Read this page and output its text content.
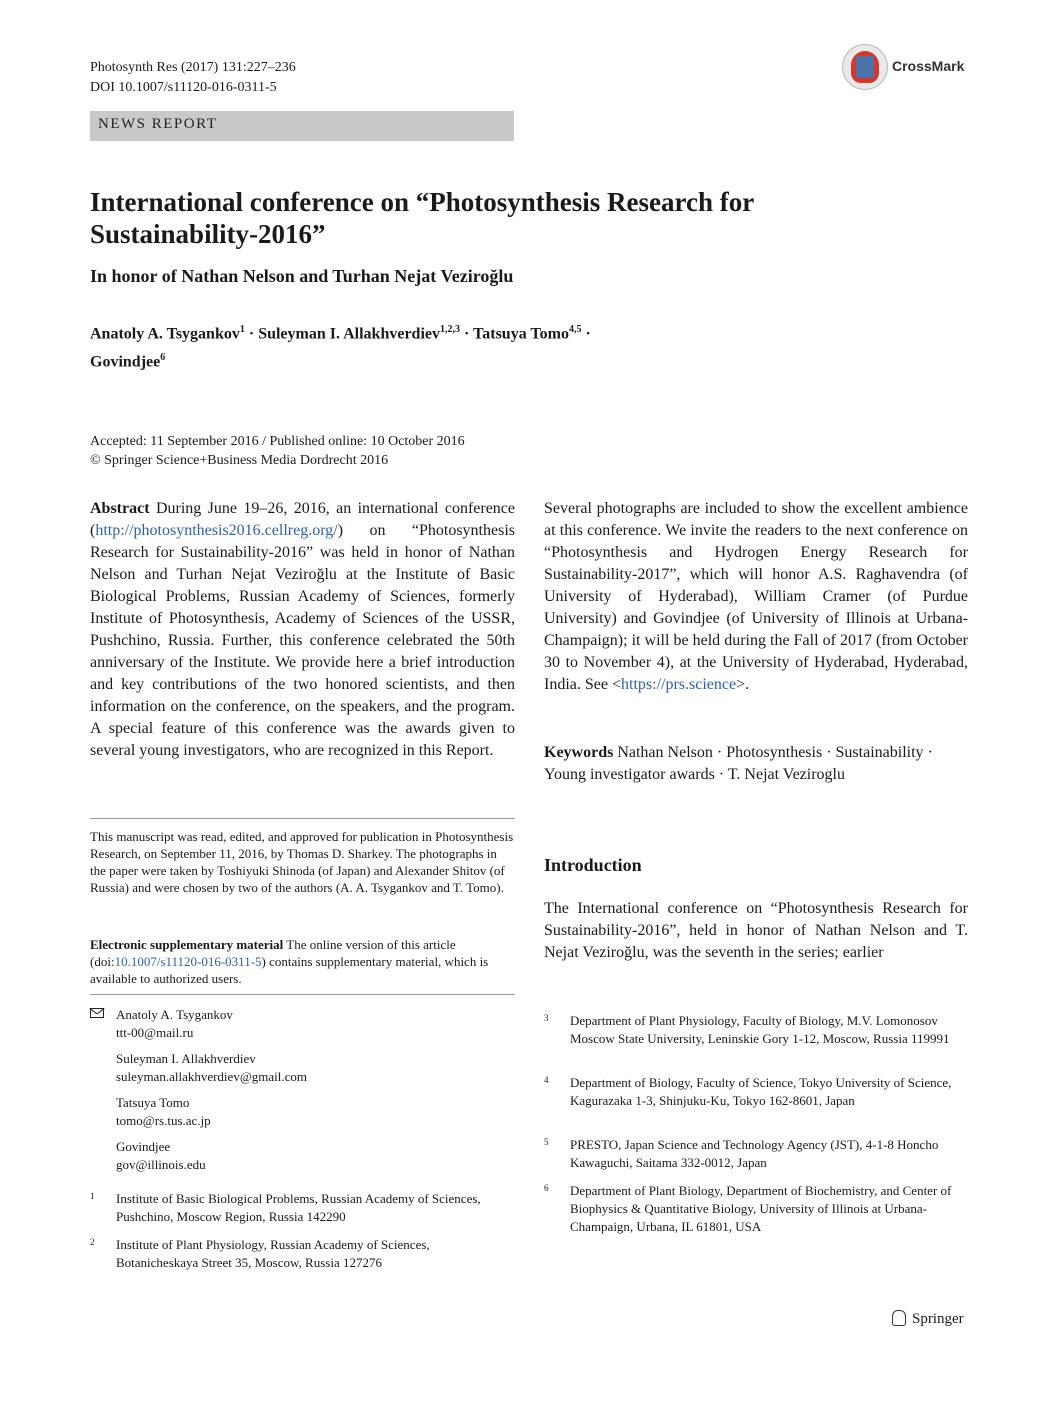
Photosynth Res (2017) 131:227–236
DOI 10.1007/s11120-016-0311-5
NEWS REPORT
CrossMark
International conference on “Photosynthesis Research for Sustainability-2016”
In honor of Nathan Nelson and Turhan Nejat Veziroğlu
Anatoly A. Tsygankov$^1$ · Suleyman I. Allakhverdiev$^{1,2,3}$ · Tatsuya Tomo$^{4,5}$ ·
Govindjee$^6$
Accepted: 11 September 2016 / Published online: 10 October 2016
© Springer Science+Business Media Dordrecht 2016
Abstract During June 19–26, 2016, an international conference (http://photosynthesis2016.cellreg.org/) on “Photosynthesis Research for Sustainability-2016” was held in honor of Nathan Nelson and Turhan Nejat Veziroğlu at the Institute of Basic Biological Problems, Russian Academy of Sciences, formerly Institute of Photosynthesis, Academy of Sciences of the USSR, Pushchino, Russia. Further, this conference celebrated the 50th anniversary of the Institute. We provide here a brief introduction and key contributions of the two honored scientists, and then information on the conference, on the speakers, and the program. A special feature of this conference was the awards given to several young investigators, who are recognized in this Report.
Several photographs are included to show the excellent ambience at this conference. We invite the readers to the next conference on “Photosynthesis and Hydrogen Energy Research for Sustainability-2017”, which will honor A.S. Raghavendra (of University of Hyderabad), William Cramer (of Purdue University) and Govindjee (of University of Illinois at Urbana-Champaign); it will be held during the Fall of 2017 (from October 30 to November 4), at the University of Hyderabad, Hyderabad, India. See <https://prs.science>.
Keywords Nathan Nelson · Photosynthesis · Sustainability · Young investigator awards · T. Nejat Veziroglu
Introduction
The International conference on “Photosynthesis Research for Sustainability-2016”, held in honor of Nathan Nelson and T. Nejat Veziroğlu, was the seventh in the series; earlier
This manuscript was read, edited, and approved for publication in Photosynthesis Research, on September 11, 2016, by Thomas D. Sharkey. The photographs in the paper were taken by Toshiyuki Shinoda (of Japan) and Alexander Shitov (of Russia) and were chosen by two of the authors (A. A. Tsygankov and T. Tomo).
Electronic supplementary material The online version of this article (doi:10.1007/s11120-016-0311-5) contains supplementary material, which is available to authorized users.
Anatoly A. Tsygankov
ttt-00@mail.ru
Suleyman I. Allakhverdiev
suleyman.allakhverdiev@gmail.com
Tatsuya Tomo
tomo@rs.tus.ac.jp
Govindjee
gov@illinois.edu
1 Institute of Basic Biological Problems, Russian Academy of Sciences, Pushchino, Moscow Region, Russia 142290
2 Institute of Plant Physiology, Russian Academy of Sciences, Botanicheskaya Street 35, Moscow, Russia 127276
3 Department of Plant Physiology, Faculty of Biology, M.V. Lomonosov Moscow State University, Leninskie Gory 1-12, Moscow, Russia 119991
4 Department of Biology, Faculty of Science, Tokyo University of Science, Kagurazaka 1-3, Shinjuku-Ku, Tokyo 162-8601, Japan
5 PRESTO, Japan Science and Technology Agency (JST), 4-1-8 Honcho Kawaguchi, Saitama 332-0012, Japan
6 Department of Plant Biology, Department of Biochemistry, and Center of Biophysics & Quantitative Biology, University of Illinois at Urbana-Champaign, Urbana, IL 61801, USA
Springer
